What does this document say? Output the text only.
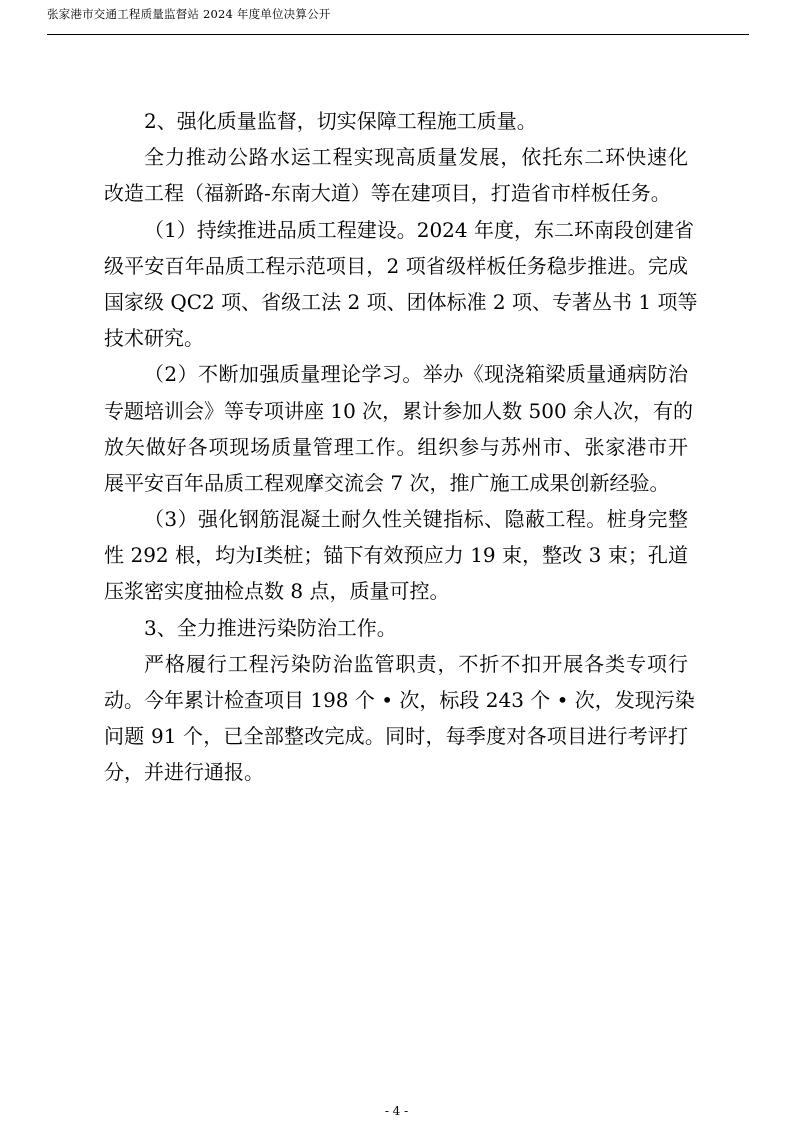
张家港市交通工程质量监督站 2024 年度单位决算公开
2、强化质量监督，切实保障工程施工质量。
全力推动公路水运工程实现高质量发展，依托东二环快速化
改造工程（福新路-东南大道）等在建项目，打造省市样板任务。
（1）持续推进品质工程建设。2024 年度，东二环南段创建省
级平安百年品质工程示范项目，2 项省级样板任务稳步推进。完成
国家级 QC2 项、省级工法 2 项、团体标准 2 项、专著丛书 1 项等
技术研究。
（2）不断加强质量理论学习。举办《现浇箱梁质量通病防治
专题培训会》等专项讲座 10 次，累计参加人数 500 余人次，有的
放矢做好各项现场质量管理工作。组织参与苏州市、张家港市开
展平安百年品质工程观摩交流会 7 次，推广施工成果创新经验。
（3）强化钢筋混凝土耐久性关键指标、隐蔽工程。桩身完整
性 292 根，均为Ⅰ类桩；锚下有效预应力 19 束，整改 3 束；孔道
压浆密实度抽检点数 8 点，质量可控。
3、全力推进污染防治工作。
严格履行工程污染防治监管职责，不折不扣开展各类专项行
动。今年累计检查项目 198 个 • 次，标段 243 个 • 次，发现污染
问题 91 个，已全部整改完成。同时，每季度对各项目进行考评打
分，并进行通报。
- 4 -
